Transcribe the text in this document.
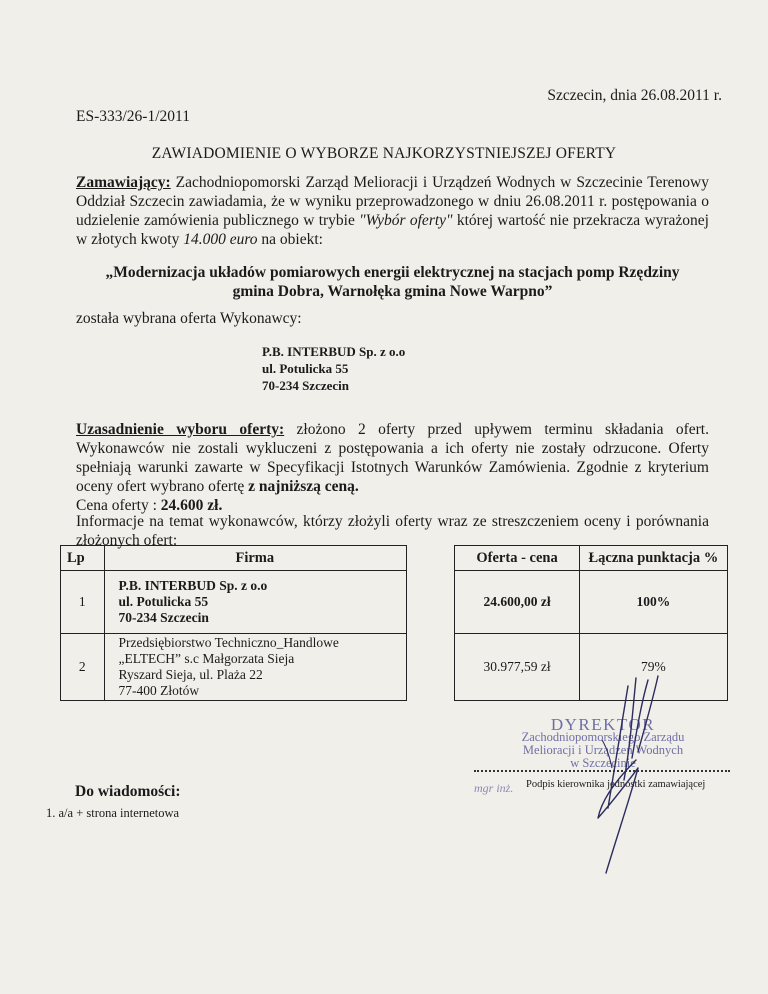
Szczecin, dnia 26.08.2011 r.
ES-333/26-1/2011
ZAWIADOMIENIE O WYBORZE NAJKORZYSTNIEJSZEJ OFERTY
Zamawiający: Zachodniopomorski Zarząd Melioracji i Urządzeń Wodnych w Szczecinie Terenowy Oddział Szczecin zawiadamia, że w wyniku przeprowadzonego w dniu 26.08.2011 r. postępowania o udzielenie zamówienia publicznego w trybie "Wybór oferty" której wartość nie przekracza wyrażonej w złotych kwoty 14.000 euro na obiekt:
„Modernizacja układów pomiarowych energii elektrycznej na stacjach pomp Rzędziny
gmina Dobra, Warnołęka gmina Nowe Warpno”
została wybrana oferta Wykonawcy:
P.B. INTERBUD Sp. z o.o
ul. Potulicka 55
70-234 Szczecin
Uzasadnienie wyboru oferty: złożono 2 oferty przed upływem terminu składania ofert. Wykonawców nie zostali wykluczeni z postępowania a ich oferty nie zostały odrzucone. Oferty spełniają warunki zawarte w Specyfikacji Istotnych Warunków Zamówienia. Zgodnie z kryterium oceny ofert wybrano ofertę z najniższą ceną.
Cena oferty : 24.600 zł.
Informacje na temat wykonawców, którzy złożyli oferty wraz ze streszczeniem oceny i porównania złożonych ofert:
Lp	Firma		Oferta - cena	Łączna punktacja %
1	P.B. INTERBUD Sp. z o.o
ul. Potulicka 55
70-234 Szczecin		24.600,00 zł	100%
2	Przedsiębiorstwo Techniczno_Handlowe
„ELTECH” s.c Małgorzata Sieja
Ryszard Sieja, ul. Plaża 22
77-400 Złotów		30.977,59 zł	79%
DYREKTOR
Zachodniopomorskiego Zarządu
Melioracji i Urządzeń Wodnych
w Szczecinie
mgr inż. Podpis kierownika jednostki zamawiającej
Do wiadomości:
1. a/a + strona internetowa
